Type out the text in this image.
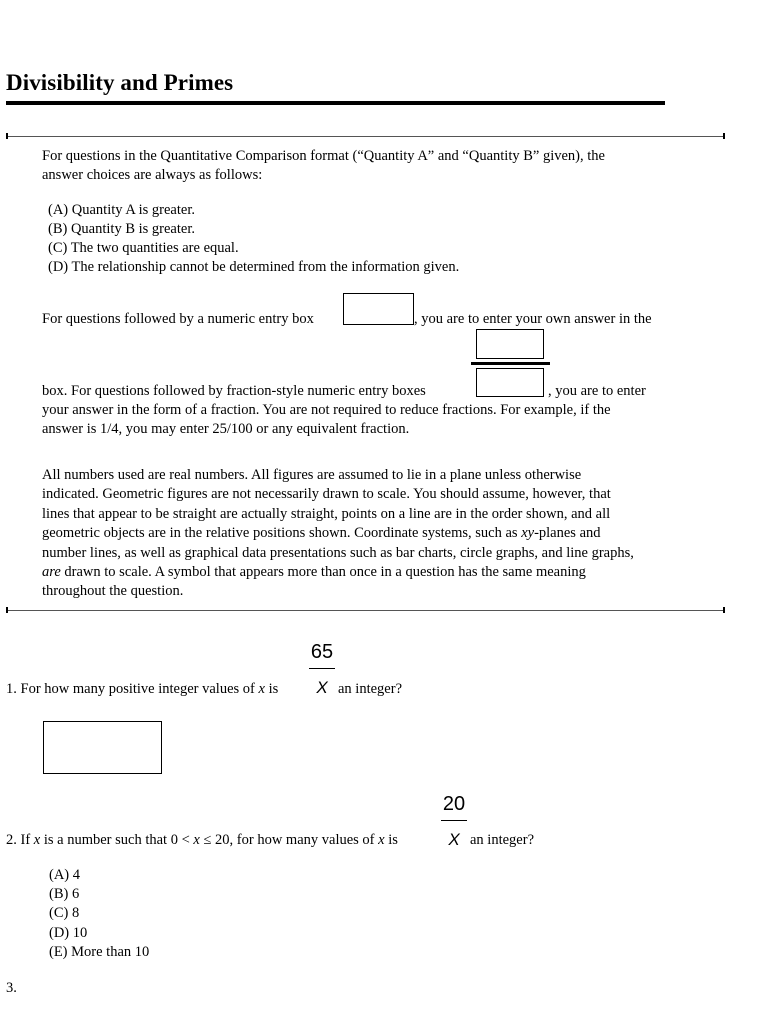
Divisibility and Primes
For questions in the Quantitative Comparison format (“Quantity A” and “Quantity B” given), the
answer choices are always as follows:
(A) Quantity A is greater.
(B) Quantity B is greater.
(C) The two quantities are equal.
(D) The relationship cannot be determined from the information given.
For questions followed by a numeric entry box	, you are to enter your own answer in the
box. For questions followed by fraction-style numeric entry boxes	, you are to enter
your answer in the form of a fraction. You are not required to reduce fractions. For example, if the
answer is 1/4, you may enter 25/100 or any equivalent fraction.
All numbers used are real numbers. All figures are assumed to lie in a plane unless otherwise
indicated. Geometric figures are not necessarily drawn to scale. You should assume, however, that
lines that appear to be straight are actually straight, points on a line are in the order shown, and all
geometric objects are in the relative positions shown. Coordinate systems, such as xy-planes and
number lines, as well as graphical data presentations such as bar charts, circle graphs, and line graphs,
are drawn to scale. A symbol that appears more than once in a question has the same meaning
throughout the question.
65
1. For how many positive integer values of x is	X an integer?
20
2. If x is a number such that 0 < x ≤ 20, for how many values of x is	X an integer?
(A) 4
(B) 6
(C) 8
(D) 10
(E) More than 10
3.
